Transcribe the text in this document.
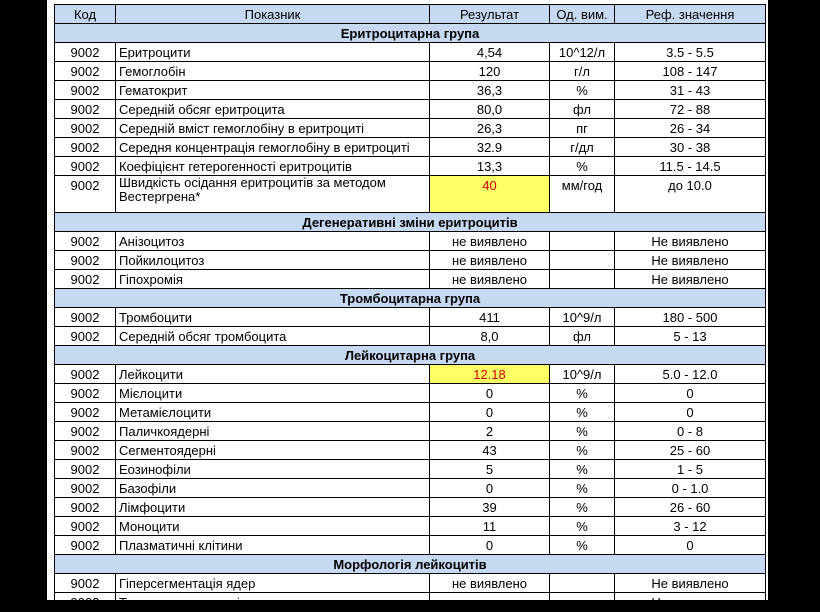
Код	Показник	Результат	Од. вим.	Реф. значення
Еритроцитарна група				
9002	Еритроцити	4,54	10^12/л	3.5 - 5.5
9002	Гемоглобін	120	г/л	108 - 147
9002	Гематокрит	36,3	%	31 - 43
9002	Середній обсяг еритроцита	80,0	фл	72 - 88
9002	Середній вміст гемоглобіну в еритроциті	26,3	пг	26 - 34
9002	Середня концентрація гемоглобіну в еритроциті	32.9	г/дл	30 - 38
9002	Коефіцієнт гетерогенності еритроцитів	13,3	%	11.5 - 14.5
9002	Швидкість осідання еритроцитів за методом Вестергрена*	40	мм/год	до 10.0
Дегенеративні зміни еритроцитів				
9002	Анізоцитоз	не виявлено		Не виявлено
9002	Пойкилоцитоз	не виявлено		Не виявлено
9002	Гіпохромія	не виявлено		Не виявлено
Тромбоцитарна група				
9002	Тромбоцити	411	10^9/л	180 - 500
9002	Середній обсяг тромбоцита	8,0	фл	5 - 13
Лейкоцитарна група				
9002	Лейкоцити	12.18	10^9/л	5.0 - 12.0
9002	Мієлоцити	0	%	0
9002	Метамієлоцити	0	%	0
9002	Паличкоядерні	2	%	0 - 8
9002	Сегментоядерні	43	%	25 - 60
9002	Еозинофіли	5	%	1 - 5
9002	Базофіли	0	%	0 - 1.0
9002	Лімфоцити	39	%	26 - 60
9002	Моноцити	11	%	3 - 12
9002	Плазматичні клітини	0	%	0
Морфологія лейкоцитів				
9002	Гіперсегментація ядер	не виявлено		Не виявлено
9002	Токсогенна зернистість	не виявлено		Не виявлено
